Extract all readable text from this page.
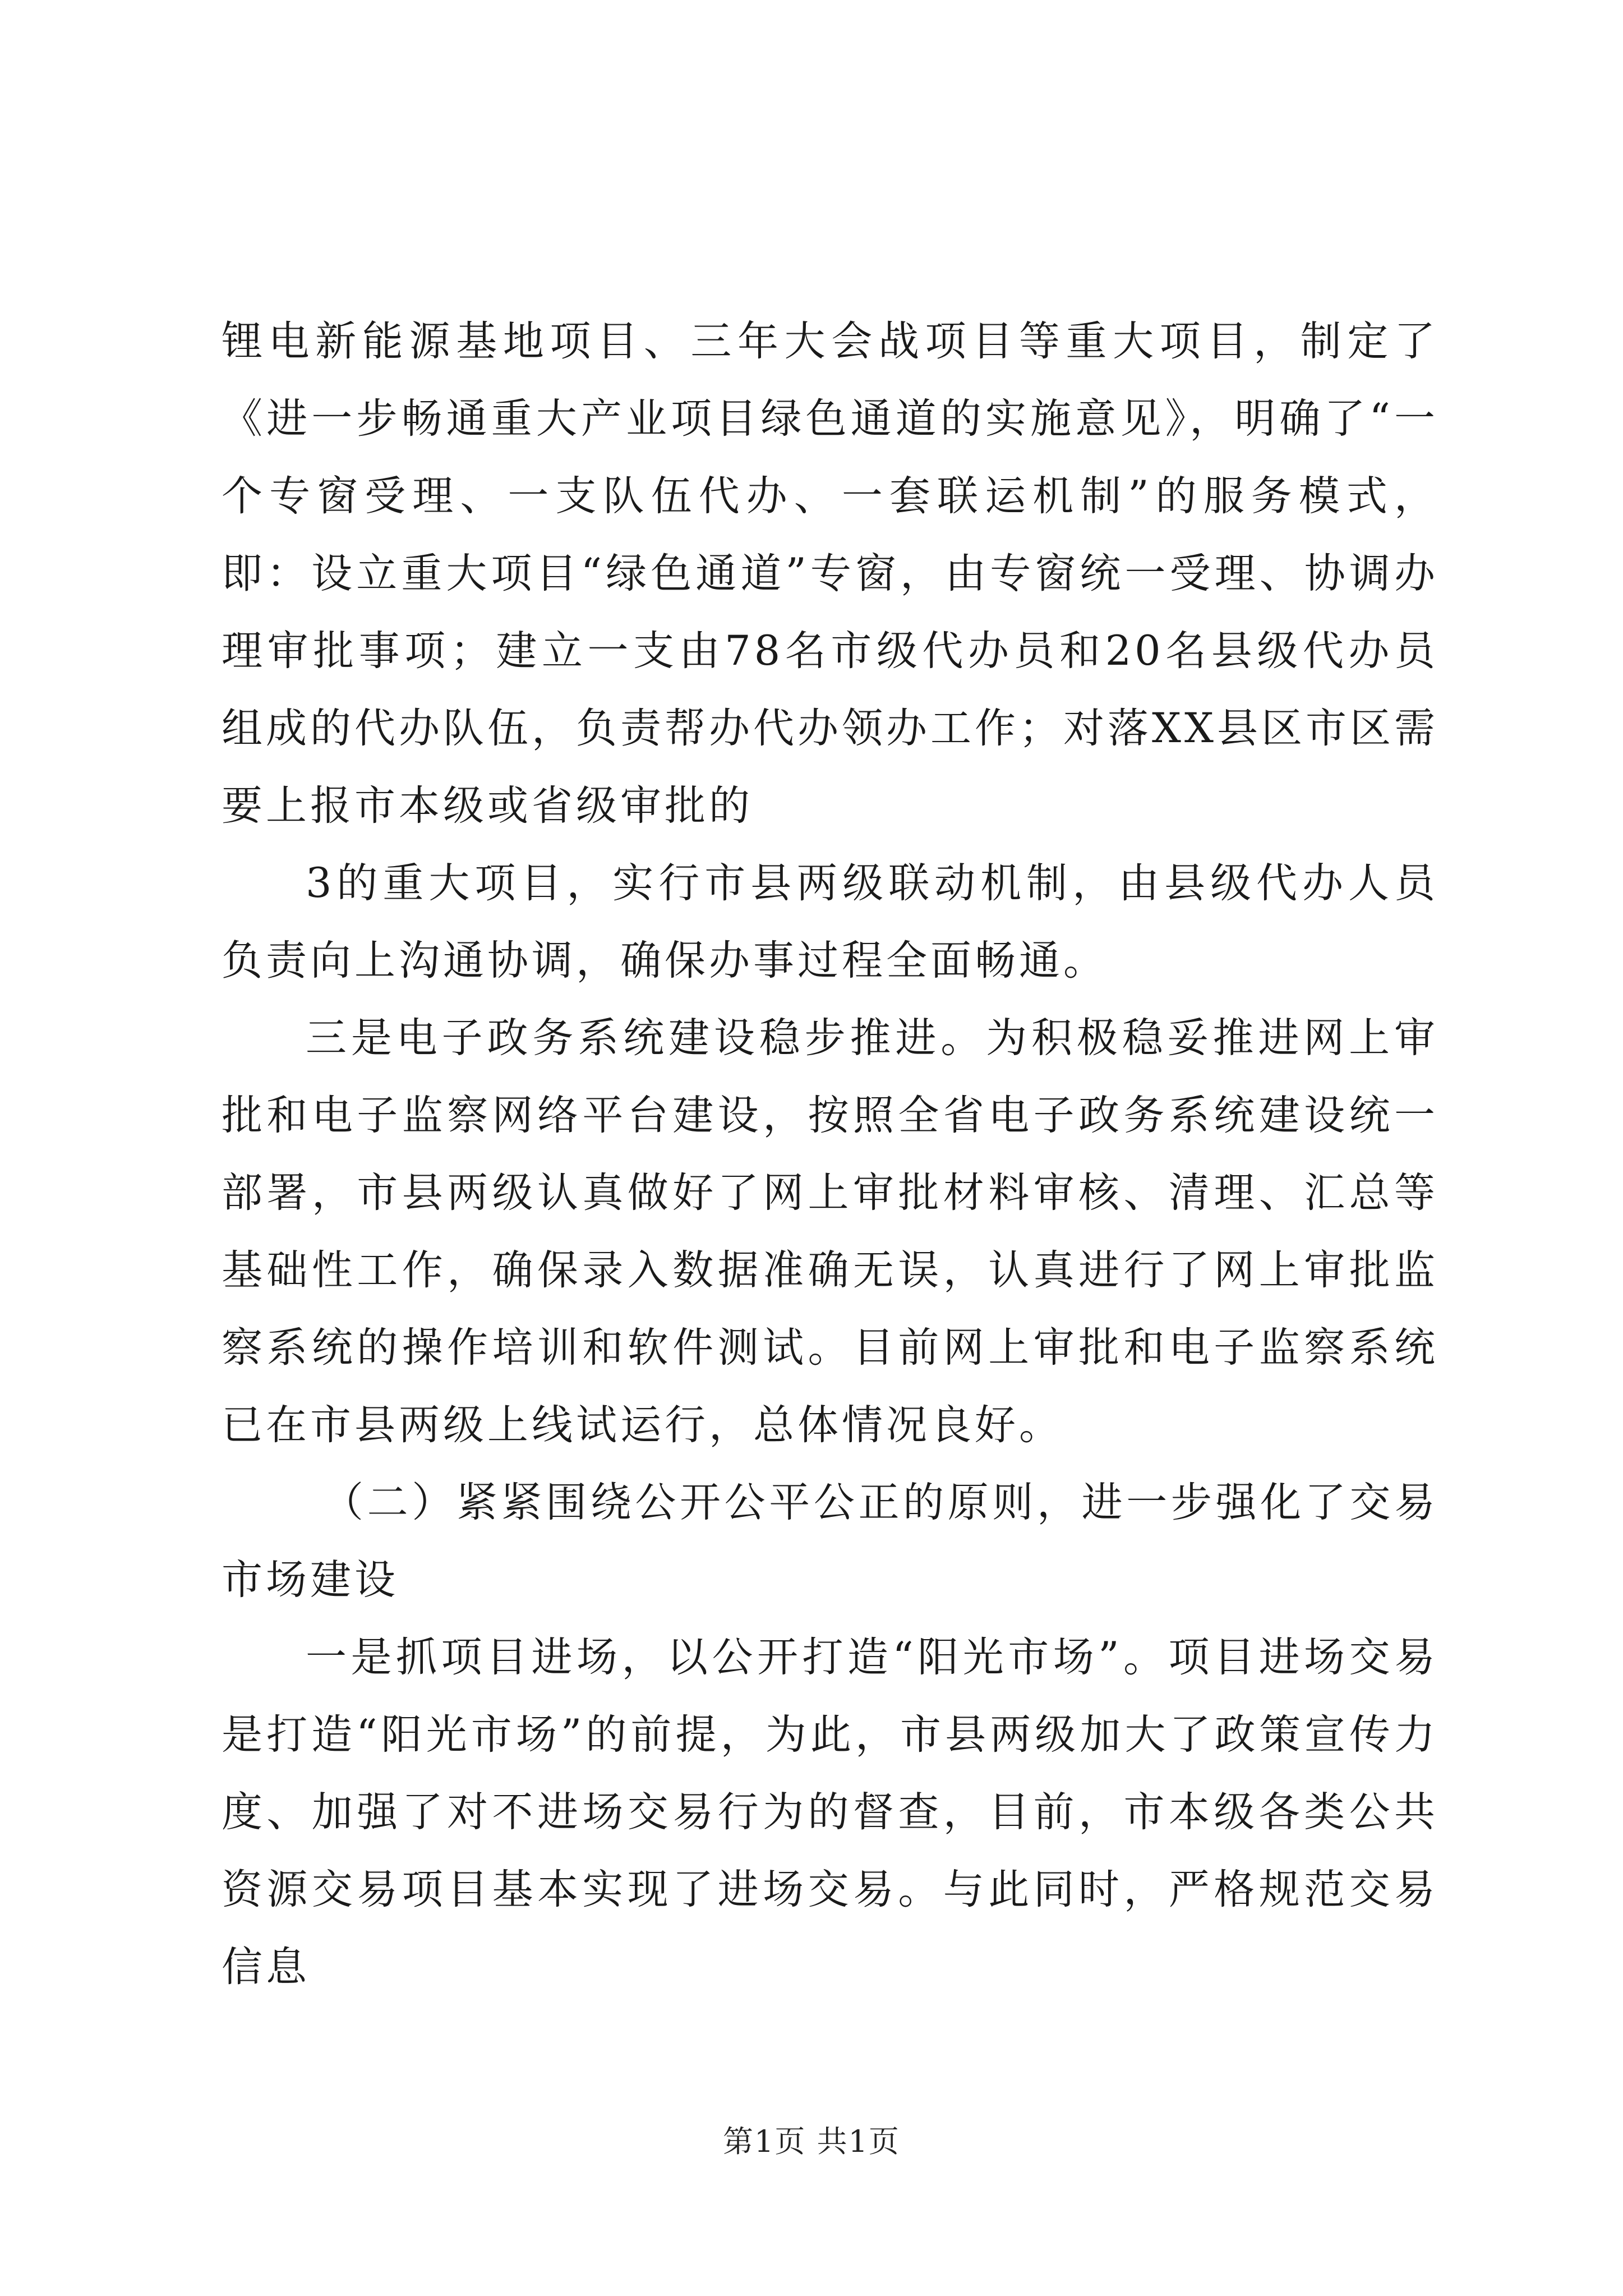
锂电新能源基地项目、三年大会战项目等重大项目，制定了《进一步畅通重大产业项目绿色通道的实施意见》，明确了“一个专窗受理、一支队伍代办、一套联运机制”的服务模式，即：设立重大项目“绿色通道”专窗，由专窗统一受理、协调办理审批事项；建立一支由78名市级代办员和20名县级代办员组成的代办队伍，负责帮办代办领办工作；对落XX县区市区需要上报市本级或省级审批的

3的重大项目，实行市县两级联动机制，由县级代办人员负责向上沟通协调，确保办事过程全面畅通。

三是电子政务系统建设稳步推进。为积极稳妥推进网上审批和电子监察网络平台建设，按照全省电子政务系统建设统一部署，市县两级认真做好了网上审批材料审核、清理、汇总等基础性工作，确保录入数据准确无误，认真进行了网上审批监察系统的操作培训和软件测试。目前网上审批和电子监察系统已在市县两级上线试运行，总体情况良好。

（二）紧紧围绕公开公平公正的原则，进一步强化了交易市场建设

一是抓项目进场，以公开打造“阳光市场”。项目进场交易是打造“阳光市场”的前提，为此，市县两级加大了政策宣传力度、加强了对不进场交易行为的督查，目前，市本级各类公共资源交易项目基本实现了进场交易。与此同时，严格规范交易信息

第1页 共1页
